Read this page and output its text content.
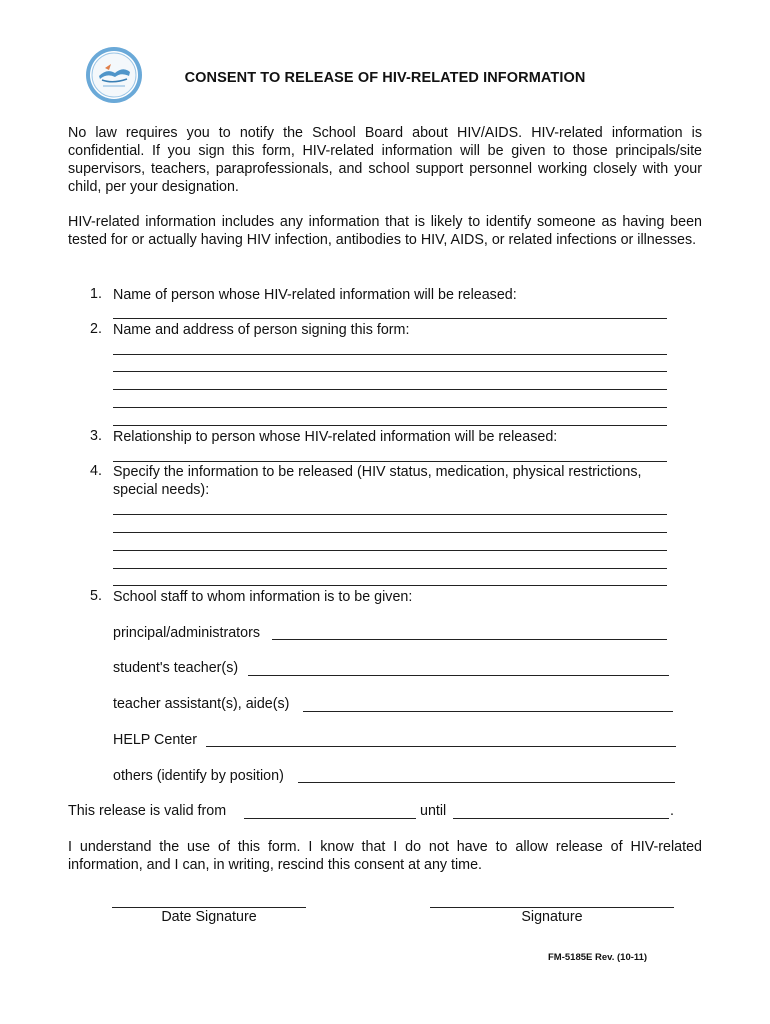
CONSENT TO RELEASE OF HIV-RELATED INFORMATION

No law requires you to notify the School Board about HIV/AIDS. HIV-related information is confidential. If you sign this form, HIV-related information will be given to those principals/site supervisors, teachers, paraprofessionals, and school support personnel working closely with your child, per your designation.

HIV-related information includes any information that is likely to identify someone as having been tested for or actually having HIV infection, antibodies to HIV, AIDS, or related infections or illnesses.

1. Name of person whose HIV-related information will be released:
2. Name and address of person signing this form:
3. Relationship to person whose HIV-related information will be released:
4. Specify the information to be released (HIV status, medication, physical restrictions, special needs):
5. School staff to whom information is to be given:
principal/administrators
student's teacher(s)
teacher assistant(s), aide(s)
HELP Center
others (identify by position)
This release is valid from	until	.

I understand the use of this form. I know that I do not have to allow release of HIV-related information, and I can, in writing, rescind this consent at any time.

Date Signature	Signature
FM-5185E Rev. (10-11)
